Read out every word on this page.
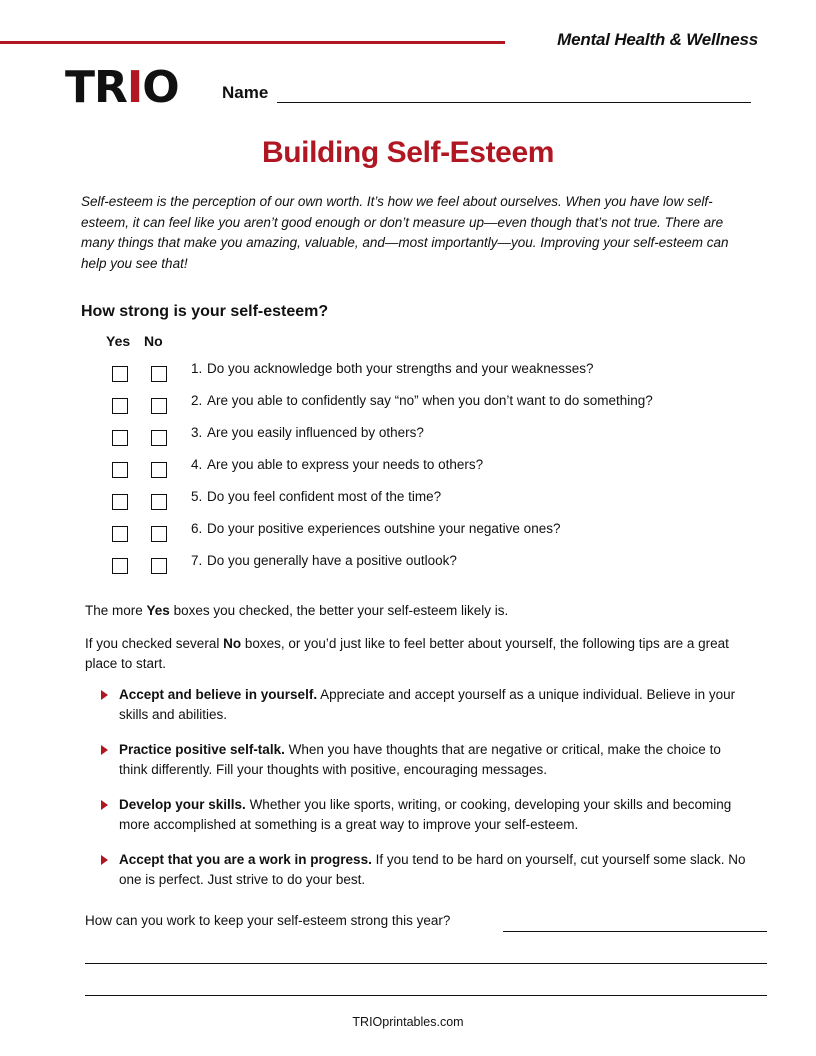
Mental Health & Wellness
TRIO	Name
Building Self-Esteem
Self-esteem is the perception of our own worth. It’s how we feel about ourselves. When you have low self-esteem, it can feel like you aren’t good enough or don’t measure up—even though that’s not true. There are many things that make you amazing, valuable, and—most importantly—you. Improving your self-esteem can help you see that!
How strong is your self-esteem?
Yes No
1. Do you acknowledge both your strengths and your weaknesses?
2. Are you able to confidently say “no” when you don’t want to do something?
3. Are you easily influenced by others?
4. Are you able to express your needs to others?
5. Do you feel confident most of the time?
6. Do your positive experiences outshine your negative ones?
7. Do you generally have a positive outlook?
The more Yes boxes you checked, the better your self-esteem likely is.
If you checked several No boxes, or you’d just like to feel better about yourself, the following tips are a great place to start.
Accept and believe in yourself. Appreciate and accept yourself as a unique individual. Believe in your skills and abilities.
Practice positive self-talk. When you have thoughts that are negative or critical, make the choice to think differently. Fill your thoughts with positive, encouraging messages.
Develop your skills. Whether you like sports, writing, or cooking, developing your skills and becoming more accomplished at something is a great way to improve your self-esteem.
Accept that you are a work in progress. If you tend to be hard on yourself, cut yourself some slack. No one is perfect. Just strive to do your best.
How can you work to keep your self-esteem strong this year?
TRIOprintables.com
